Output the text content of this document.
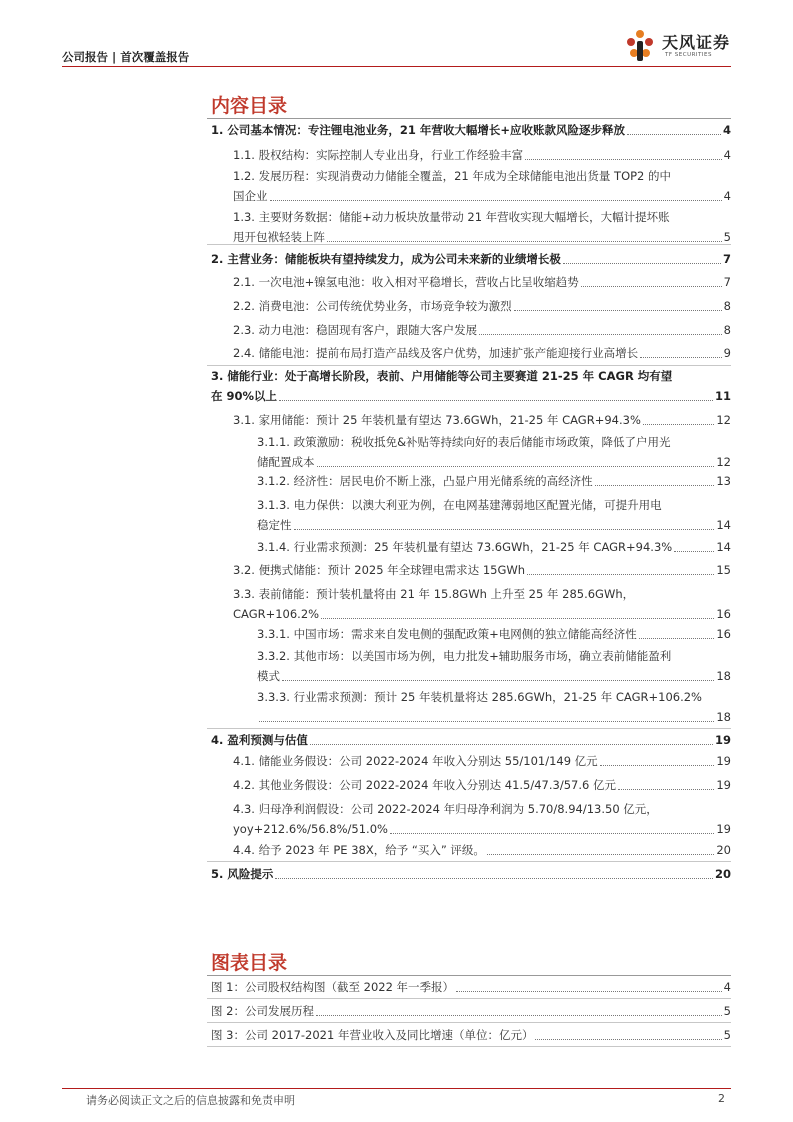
公司报告 | 首次覆盖报告
天风证券
TF SECURITIES
内容目录
1. 公司基本情况：专注锂电池业务，21 年营收大幅增长+应收账款风险逐步释放	4
1.1. 股权结构：实际控制人专业出身，行业工作经验丰富	4
1.2. 发展历程：实现消费动力储能全覆盖，21 年成为全球储能电池出货量 TOP2 的中
国企业	4
1.3. 主要财务数据：储能+动力板块放量带动 21 年营收实现大幅增长，大幅计提坏账
甩开包袱轻装上阵	5
2. 主营业务：储能板块有望持续发力，成为公司未来新的业绩增长极	7
2.1. 一次电池+镍氢电池：收入相对平稳增长，营收占比呈收缩趋势	7
2.2. 消费电池：公司传统优势业务，市场竞争较为激烈	8
2.3. 动力电池：稳固现有客户，跟随大客户发展	8
2.4. 储能电池：提前布局打造产品线及客户优势，加速扩张产能迎接行业高增长	9
3. 储能行业：处于高增长阶段，表前、户用储能等公司主要赛道 21-25 年 CAGR 均有望
在 90%以上	11
3.1. 家用储能：预计 25 年装机量有望达 73.6GWh，21-25 年 CAGR+94.3%	12
3.1.1. 政策激励：税收抵免&补贴等持续向好的表后储能市场政策，降低了户用光
储配置成本	12
3.1.2. 经济性：居民电价不断上涨，凸显户用光储系统的高经济性	13
3.1.3. 电力保供：以澳大利亚为例，在电网基建薄弱地区配置光储，可提升用电
稳定性	14
3.1.4. 行业需求预测：25 年装机量有望达 73.6GWh，21-25 年 CAGR+94.3%	14
3.2. 便携式储能：预计 2025 年全球锂电需求达 15GWh	15
3.3. 表前储能：预计装机量将由 21 年 15.8GWh 上升至 25 年 285.6GWh，
CAGR+106.2%	16
3.3.1. 中国市场：需求来自发电侧的强配政策+电网侧的独立储能高经济性	16
3.3.2. 其他市场：以美国市场为例，电力批发+辅助服务市场，确立表前储能盈利
模式	18
3.3.3. 行业需求预测：预计 25 年装机量将达 285.6GWh，21-25 年 CAGR+106.2%
18
4. 盈利预测与估值	19
4.1. 储能业务假设：公司 2022-2024 年收入分别达 55/101/149 亿元	19
4.2. 其他业务假设：公司 2022-2024 年收入分别达 41.5/47.3/57.6 亿元	19
4.3. 归母净利润假设：公司 2022-2024 年归母净利润为 5.70/8.94/13.50 亿元，
yoy+212.6%/56.8%/51.0%	19
4.4. 给予 2023 年 PE 38X，给予 “买入” 评级。	20
5. 风险提示	20
图表目录
图 1：公司股权结构图（截至 2022 年一季报）	4
图 2：公司发展历程	5
图 3：公司 2017-2021 年营业收入及同比增速（单位：亿元）	5
请务必阅读正文之后的信息披露和免责申明	2
